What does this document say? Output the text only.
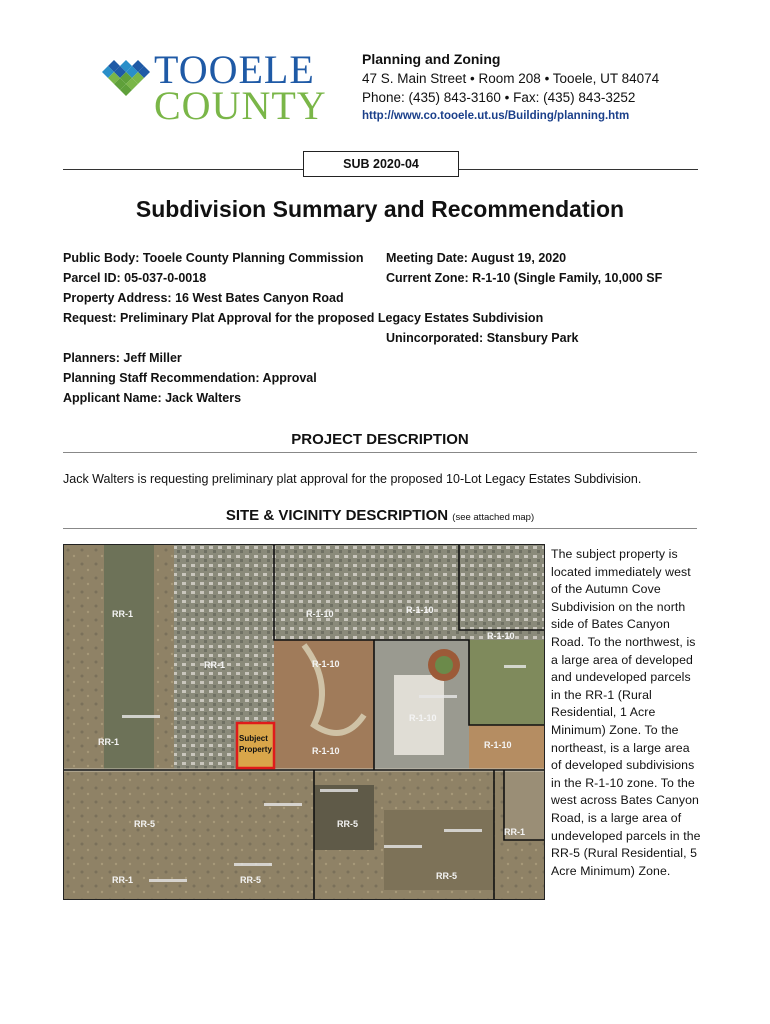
TOOELE
COUNTY
Planning and Zoning
47 S. Main Street • Room 208 • Tooele, UT 84074
Phone: (435) 843-3160 • Fax: (435) 843-3252
http://www.co.tooele.ut.us/Building/planning.htm
SUB 2020-04
Subdivision Summary and Recommendation
Public Body: Tooele County Planning Commission Meeting Date: August 19, 2020
Parcel ID: 05-037-0-0018	Current Zone: R-1-10 (Single Family, 10,000 SF
Property Address: 16 West Bates Canyon Road
Request: Preliminary Plat Approval for the proposed Legacy Estates Subdivision
Unincorporated: Stansbury Park
Planners: Jeff Miller
Planning Staff Recommendation: Approval
Applicant Name: Jack Walters
PROJECT DESCRIPTION
Jack Walters is requesting preliminary plat approval for the proposed 10-Lot Legacy Estates Subdivision.
SITE & VICINITY DESCRIPTION (see attached map)
Subject
Property
RR-1	R-1-10	R-1-10
R-1-10
RR-1	R-1-10
R-1-10
RR-1
R-1-10
R-1-10
RR-5	RR-5
RR-1
RR-5	RR-5
RR-1
The subject property is located immediately west of the Autumn Cove Subdivision on the north side of Bates Canyon Road. To the northwest, is a large area of developed and undeveloped parcels in the RR-1 (Rural Residential, 1 Acre Minimum) Zone. To the northeast, is a large area of developed subdivisions in the R-1-10 zone. To the west across Bates Canyon Road, is a large area of undeveloped parcels in the RR-5 (Rural Residential, 5 Acre Minimum) Zone.
